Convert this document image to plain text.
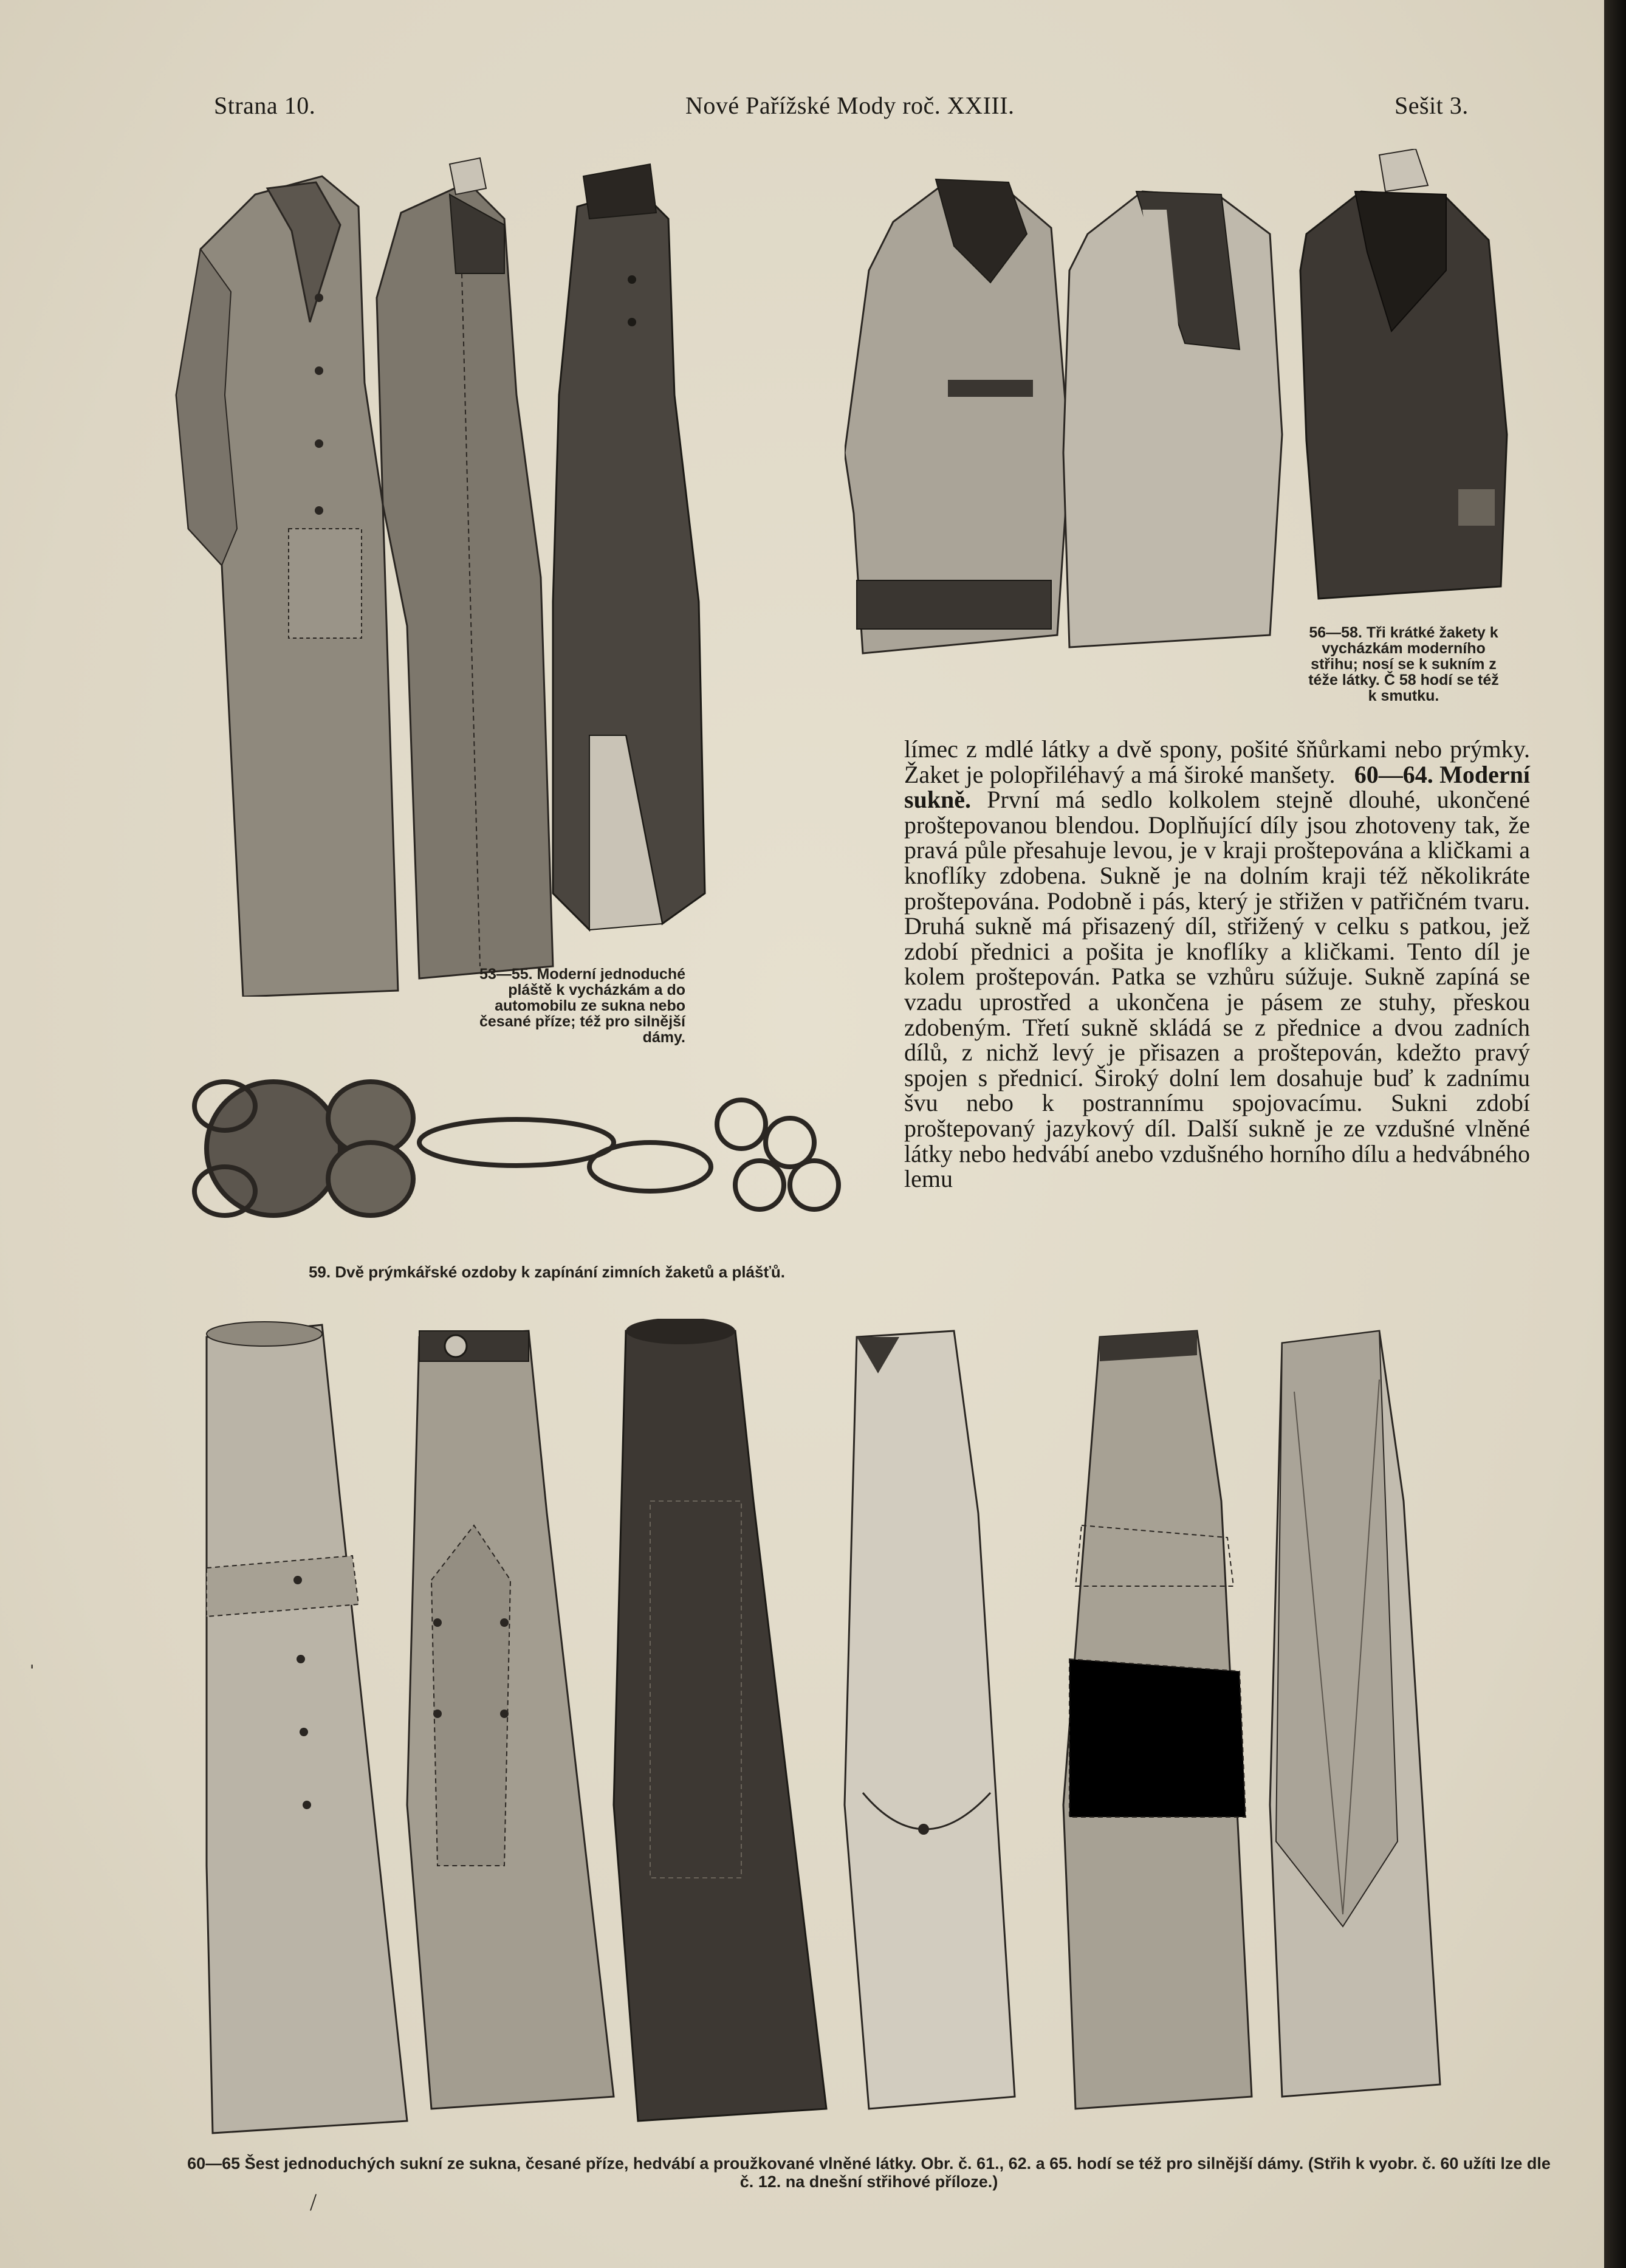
Strana 10.	Nové Pařížské Mody roč. XXIII.	Sešit 3.
56—58. Tři krátké žakety k vycházkám moderního střihu; nosí se k sukním z téže látky. Č 58 hodí se též k smutku.
53—55. Moderní jednoduché pláště k vycházkám a do automobilu ze sukna nebo česané příze; též pro silnější dámy.
59. Dvě prýmkářské ozdoby k zapínání zimních žaketů a plášťů.

límec z mdlé látky a dvě spony, pošité šňůrkami nebo prýmky. Žaket je polopřiléhavý a má široké manšety. 60—64. Moderní sukně. První má sedlo kolkolem stejně dlouhé, ukončené proštepovanou blendou. Doplňující díly jsou zhotoveny tak, že pravá půle přesahuje levou, je v kraji proštepována a kličkami a knoflíky zdobena. Sukně je na dolním kraji též několikráte proštepována. Podobně i pás, který je střižen v patřičném tvaru. Druhá sukně má přisazený díl, střižený v celku s patkou, jež zdobí přednici a pošita je knoflíky a kličkami. Tento díl je kolem proštepován. Patka se vzhůru súžuje. Sukně zapíná se vzadu uprostřed a ukončena je pásem ze stuhy, přeskou zdobeným. Třetí sukně skládá se z přednice a dvou zadních dílů, z nichž levý je přisazen a proštepován, kdežto pravý spojen s přednicí. Široký dolní lem dosahuje buď k zadnímu švu nebo k postrannímu spojovacímu. Sukni zdobí proštepovaný jazykový díl. Další sukně je ze vzdušné vlněné látky nebo hedvábí anebo vzdušného horního dílu a hedvábného lemu

60—65 Šest jednoduchých sukní ze sukna, česané příze, hedvábí a proužkované vlněné látky. Obr. č. 61., 62. a 65. hodí se též pro silnější dámy. (Střih k vyobr. č. 60 užíti lze dle č. 12. na dnešní střihové příloze.)
ˌ
/
